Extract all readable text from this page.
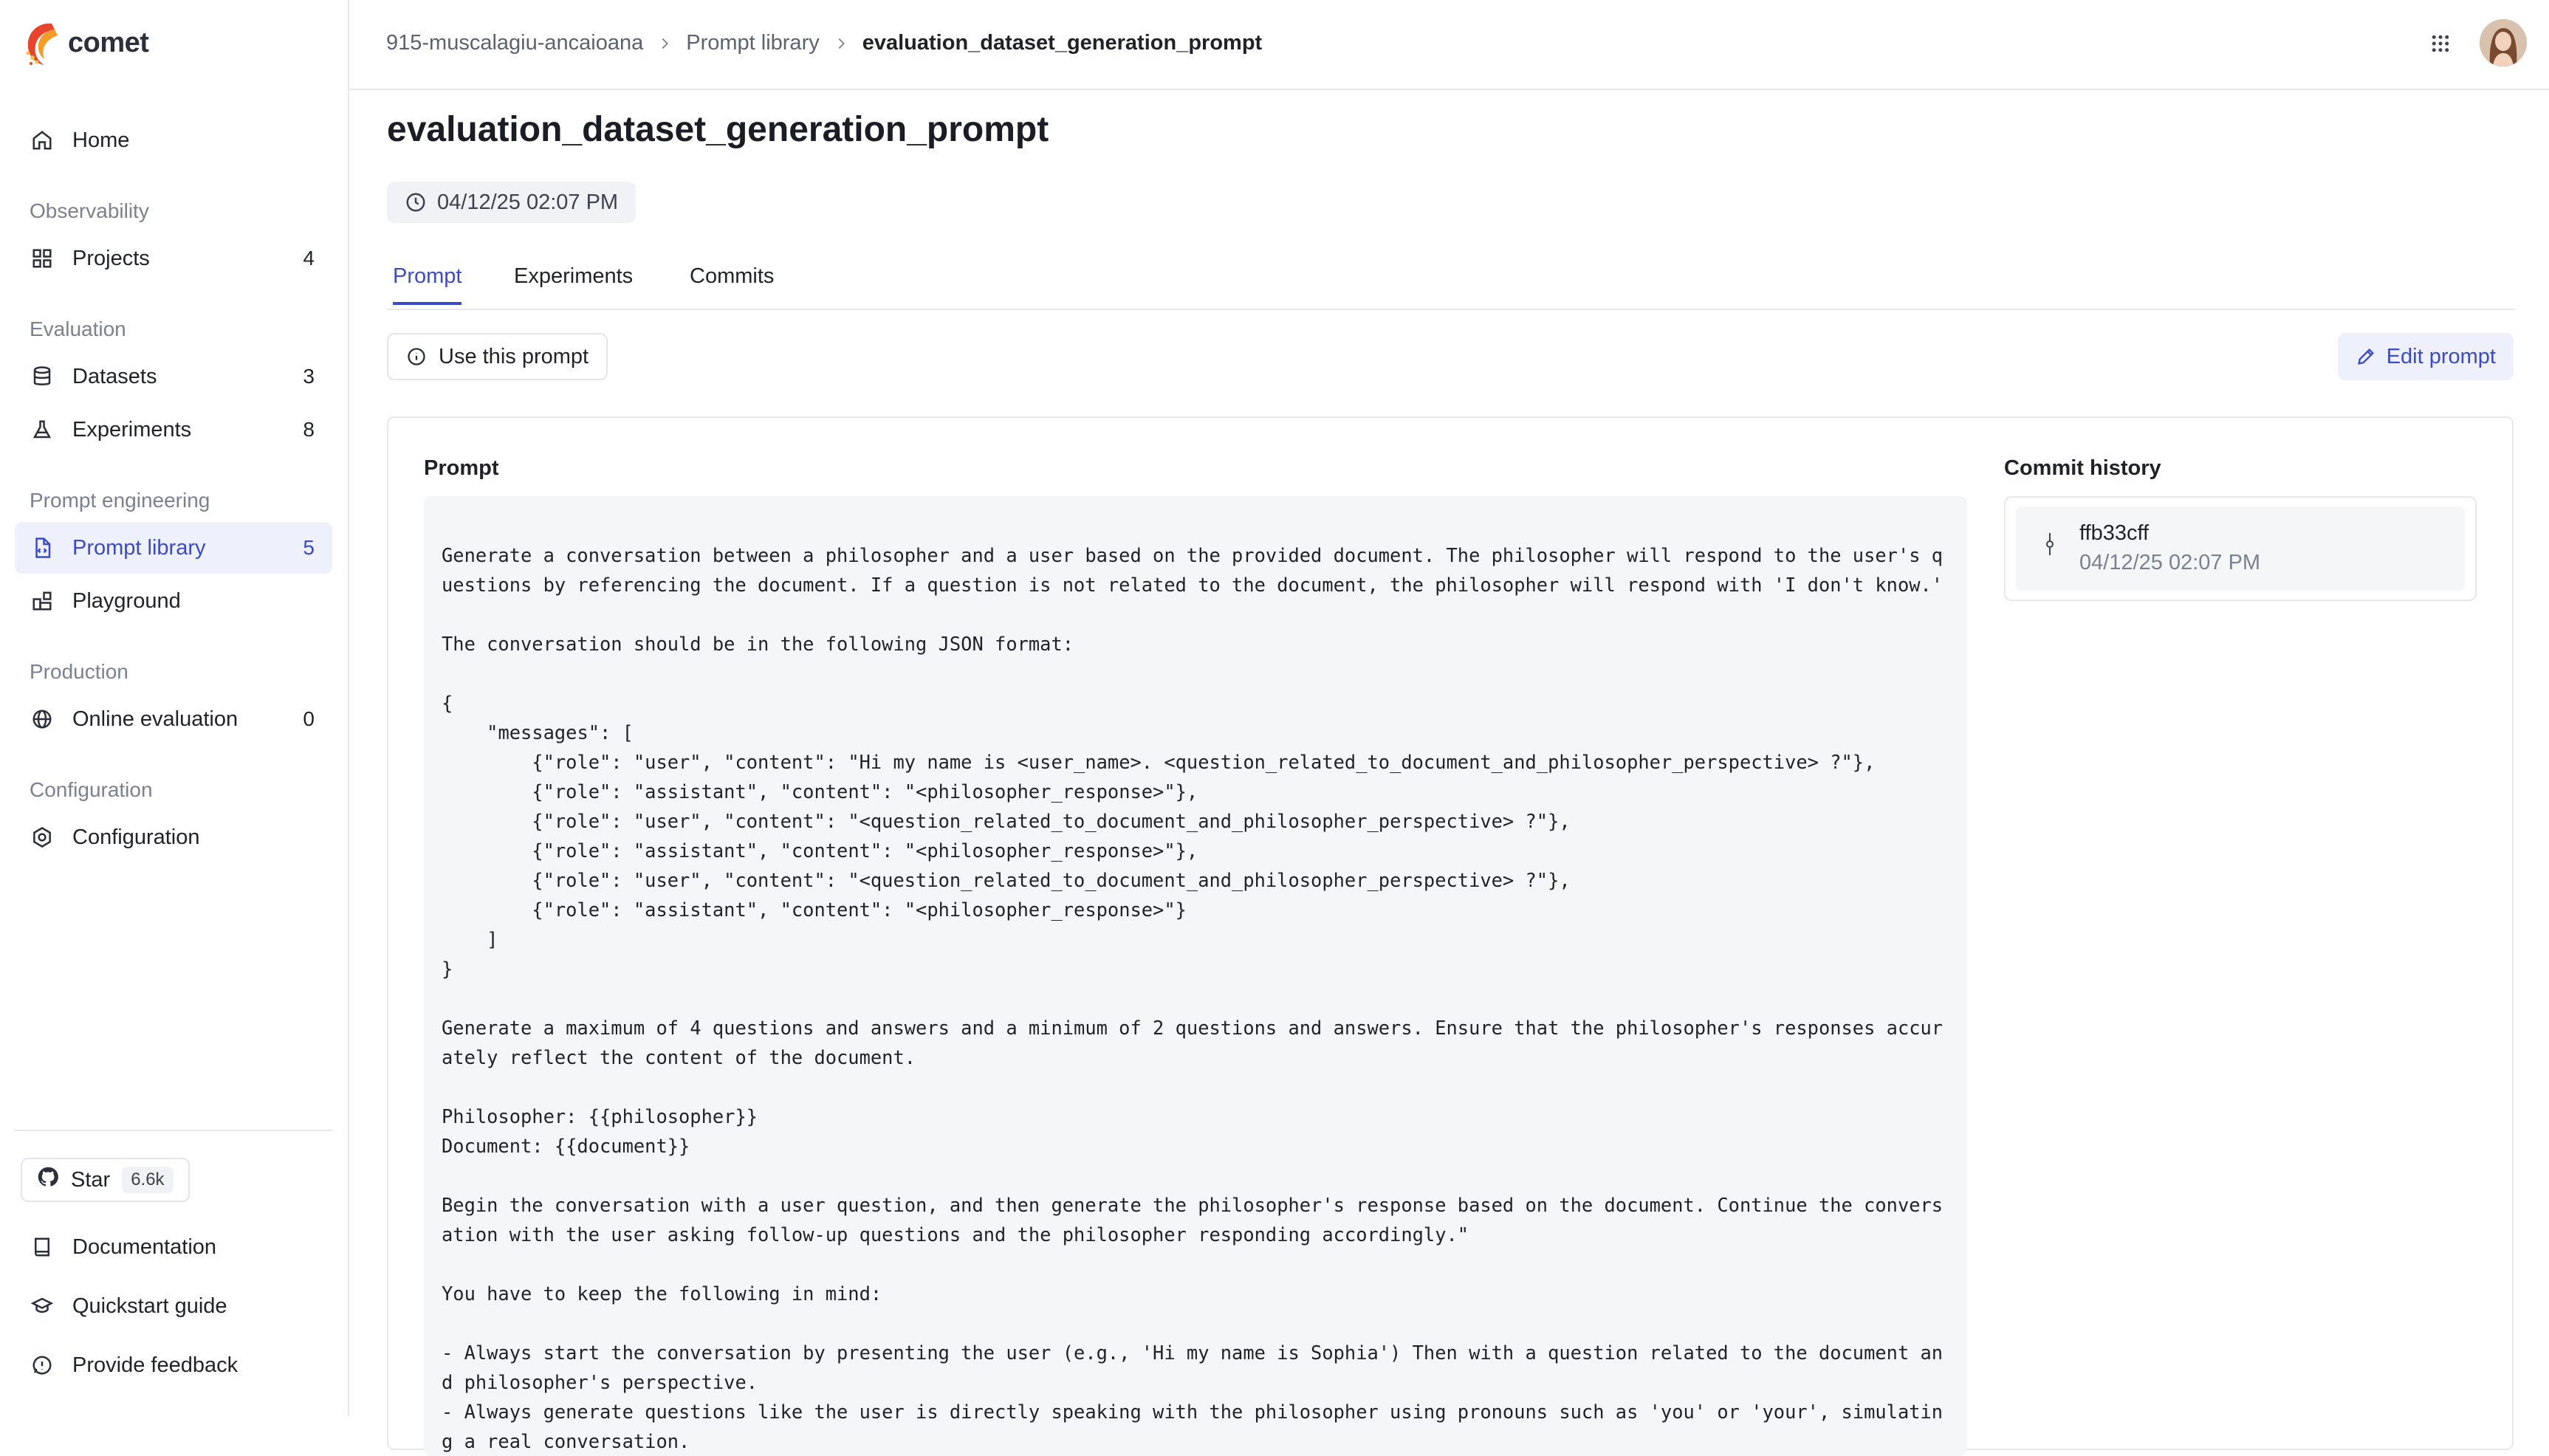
comet
Home
Observability
Projects	4
Evaluation
Datasets	3
Experiments	8
Prompt engineering
Prompt library	5
Playground
Production
Online evaluation	0
Configuration
Configuration
Star	6.6k
Documentation
Quickstart guide
Provide feedback
915-muscalagiu-ancaioana Prompt library evaluation_dataset_generation_prompt
evaluation_dataset_generation_prompt
04/12/25 02:07 PM
Prompt Experiments	Commits
Use this prompt	Edit prompt
Prompt
Generate a conversation between a philosopher and a user based on the provided document. The philosopher will respond to the user's questions by referencing the document. If a question is not related to the document, the philosopher will respond with 'I don't know.'

The conversation should be in the following JSON format:

{
"messages": [
{"role": "user", "content": "Hi my name is <user_name>. <question_related_to_document_and_philosopher_perspective> ?"},
{"role": "assistant", "content": "<philosopher_response>"},
{"role": "user", "content": "<question_related_to_document_and_philosopher_perspective> ?"},
{"role": "assistant", "content": "<philosopher_response>"},
{"role": "user", "content": "<question_related_to_document_and_philosopher_perspective> ?"},
{"role": "assistant", "content": "<philosopher_response>"}
]
}

Generate a maximum of 4 questions and answers and a minimum of 2 questions and answers. Ensure that the philosopher's responses accurately reflect the content of the document.

Philosopher: {{philosopher}}
Document: {{document}}

Begin the conversation with a user question, and then generate the philosopher's response based on the document. Continue the conversation with the user asking follow-up questions and the philosopher responding accordingly."

You have to keep the following in mind:

- Always start the conversation by presenting the user (e.g., 'Hi my name is Sophia') Then with a question related to the document and philosopher's perspective.
- Always generate questions like the user is directly speaking with the philosopher using pronouns such as 'you' or 'your', simulating a real conversation.
Commit history
ffb33cff
04/12/25 02:07 PM
